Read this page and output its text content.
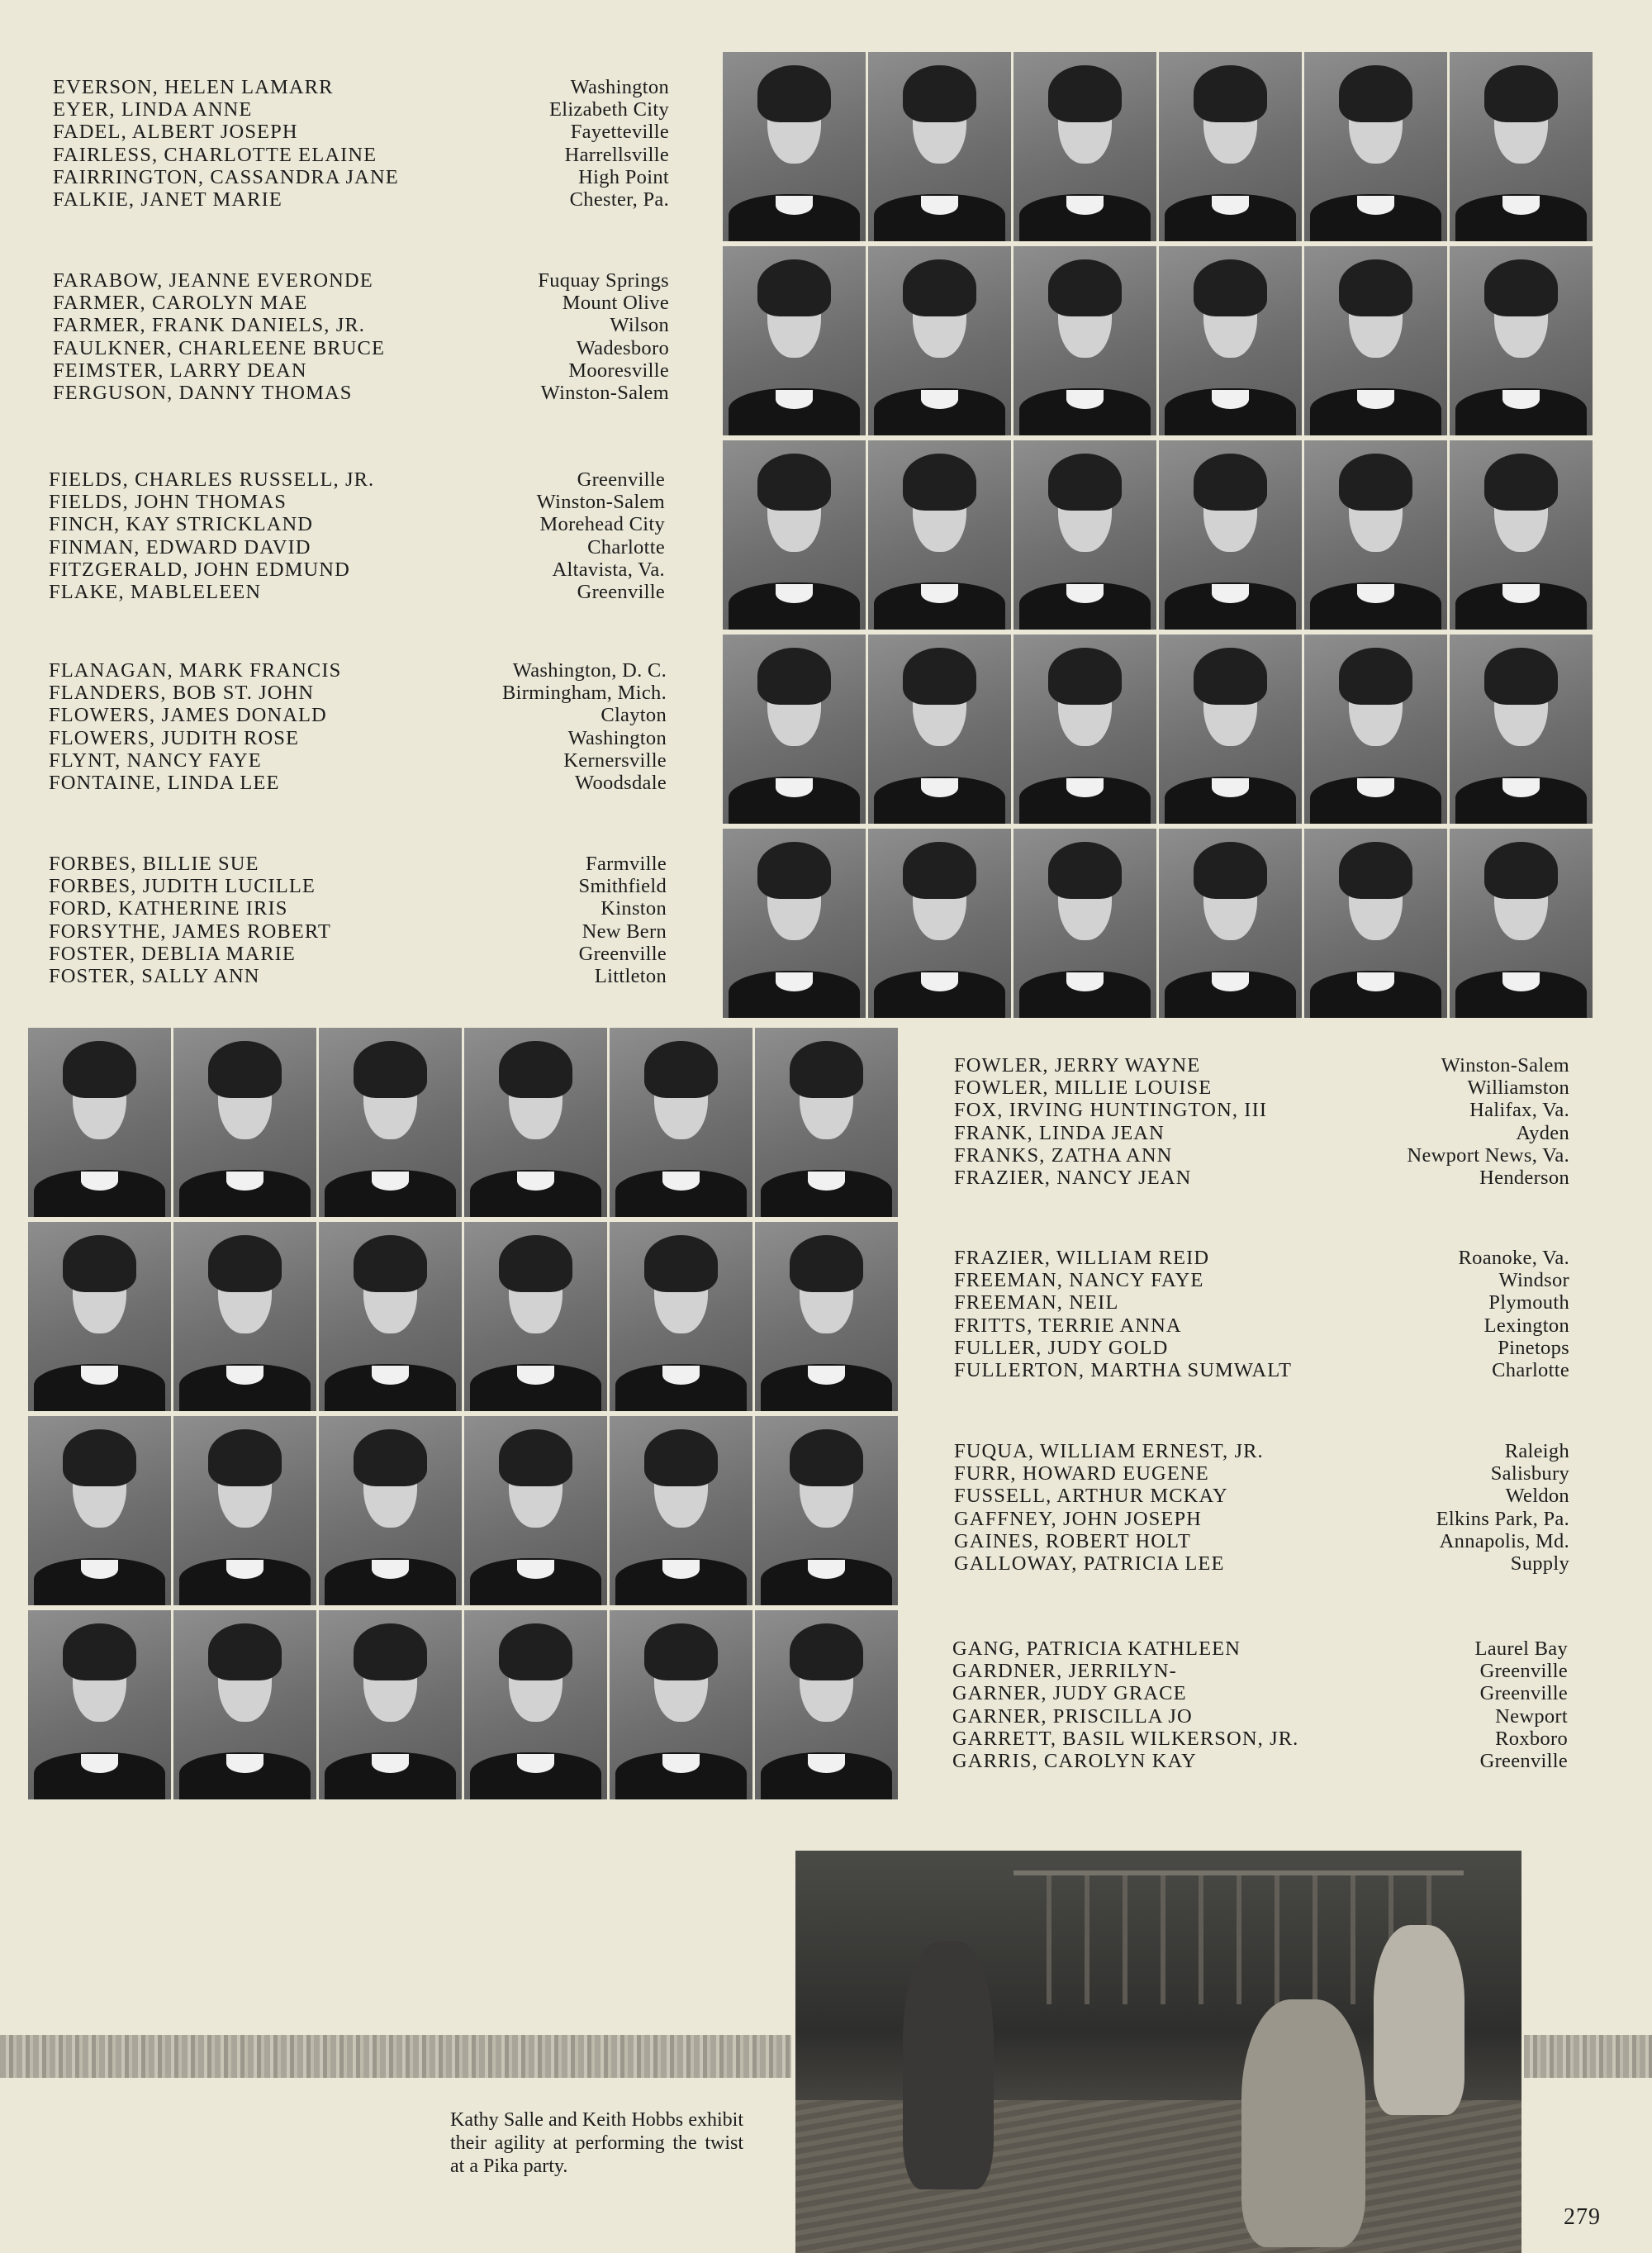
EVERSON, HELEN LAMARR	Washington
EYER, LINDA ANNE	Elizabeth City
FADEL, ALBERT JOSEPH	Fayetteville
FAIRLESS, CHARLOTTE ELAINE	Harrellsville
FAIRRINGTON, CASSANDRA JANE	High Point
FALKIE, JANET MARIE	Chester, Pa.
FARABOW, JEANNE EVERONDE	Fuquay Springs
FARMER, CAROLYN MAE	Mount Olive
FARMER, FRANK DANIELS, JR.	Wilson
FAULKNER, CHARLEENE BRUCE	Wadesboro
FEIMSTER, LARRY DEAN	Mooresville
FERGUSON, DANNY THOMAS	Winston-Salem
FIELDS, CHARLES RUSSELL, JR.	Greenville
FIELDS, JOHN THOMAS	Winston-Salem
FINCH, KAY STRICKLAND	Morehead City
FINMAN, EDWARD DAVID	Charlotte
FITZGERALD, JOHN EDMUND	Altavista, Va.
FLAKE, MABLELEEN	Greenville
FLANAGAN, MARK FRANCIS	Washington, D. C.
FLANDERS, BOB ST. JOHN	Birmingham, Mich.
FLOWERS, JAMES DONALD	Clayton
FLOWERS, JUDITH ROSE	Washington
FLYNT, NANCY FAYE	Kernersville
FONTAINE, LINDA LEE	Woodsdale
FORBES, BILLIE SUE	Farmville
FORBES, JUDITH LUCILLE	Smithfield
FORD, KATHERINE IRIS	Kinston
FORSYTHE, JAMES ROBERT	New Bern
FOSTER, DEBLIA MARIE	Greenville
FOSTER, SALLY ANN	Littleton
FOWLER, JERRY WAYNE	Winston-Salem
FOWLER, MILLIE LOUISE	Williamston
FOX, IRVING HUNTINGTON, III	Halifax, Va.
FRANK, LINDA JEAN	Ayden
FRANKS, ZATHA ANN	Newport News, Va.
FRAZIER, NANCY JEAN	Henderson
FRAZIER, WILLIAM REID	Roanoke, Va.
FREEMAN, NANCY FAYE	Windsor
FREEMAN, NEIL	Plymouth
FRITTS, TERRIE ANNA	Lexington
FULLER, JUDY GOLD	Pinetops
FULLERTON, MARTHA SUMWALT	Charlotte
FUQUA, WILLIAM ERNEST, JR.	Raleigh
FURR, HOWARD EUGENE	Salisbury
FUSSELL, ARTHUR MCKAY	Weldon
GAFFNEY, JOHN JOSEPH	Elkins Park, Pa.
GAINES, ROBERT HOLT	Annapolis, Md.
GALLOWAY, PATRICIA LEE	Supply
GANG, PATRICIA KATHLEEN	Laurel Bay
GARDNER, JERRILYN-	Greenville
GARNER, JUDY GRACE	Greenville
GARNER, PRISCILLA JO	Newport
GARRETT, BASIL WILKERSON, JR.	Roxboro
GARRIS, CAROLYN KAY	Greenville
Kathy Salle and Keith Hobbs exhibit their agility at performing the twist at a Pika party.
279
